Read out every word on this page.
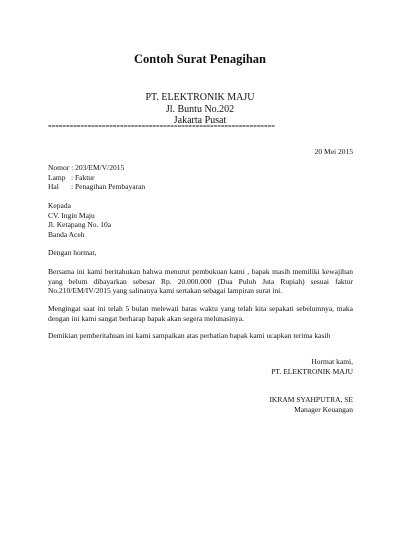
Contoh Surat Penagihan
PT. ELEKTRONIK MAJU
Jl. Buntu No.202
Jakarta Pusat
===============================================================
20 Mei 2015
Nomor : 203/EM/V/2015
Lamp : Faktur
Hal	: Penagihan Pembayaran
Kepada
CV. Ingin Maju
Jl. Ketapang No. 10a
Banda Aceh
Dengan hormat,
Bersama ini kami beritahukan bahwa menurut pembukuan kami , bapak masih memiliki kewajiban yang belum dibayarkan sebesar Rp. 20.000.000 (Dua Puluh Juta Rupiah) sesuai faktur No.210/EM/IV/2015 yang salinanya kami sertakan sebagai lampiran surat ini.
Mengingat saat ini telah 5 bulan melewati batas waktu yang telah kita sepakati sebelumnya, maka dengan ini kami sangat berharap bapak akan segera melunasinya.
Demikian pemberitahuan ini kami sampaikan atas perhatian bapak kami ucapkan terima kasih
Hormat kami,
PT. ELEKTRONIK MAJU
IKRAM SYAHPUTRA, SE
Manager Keuangan
